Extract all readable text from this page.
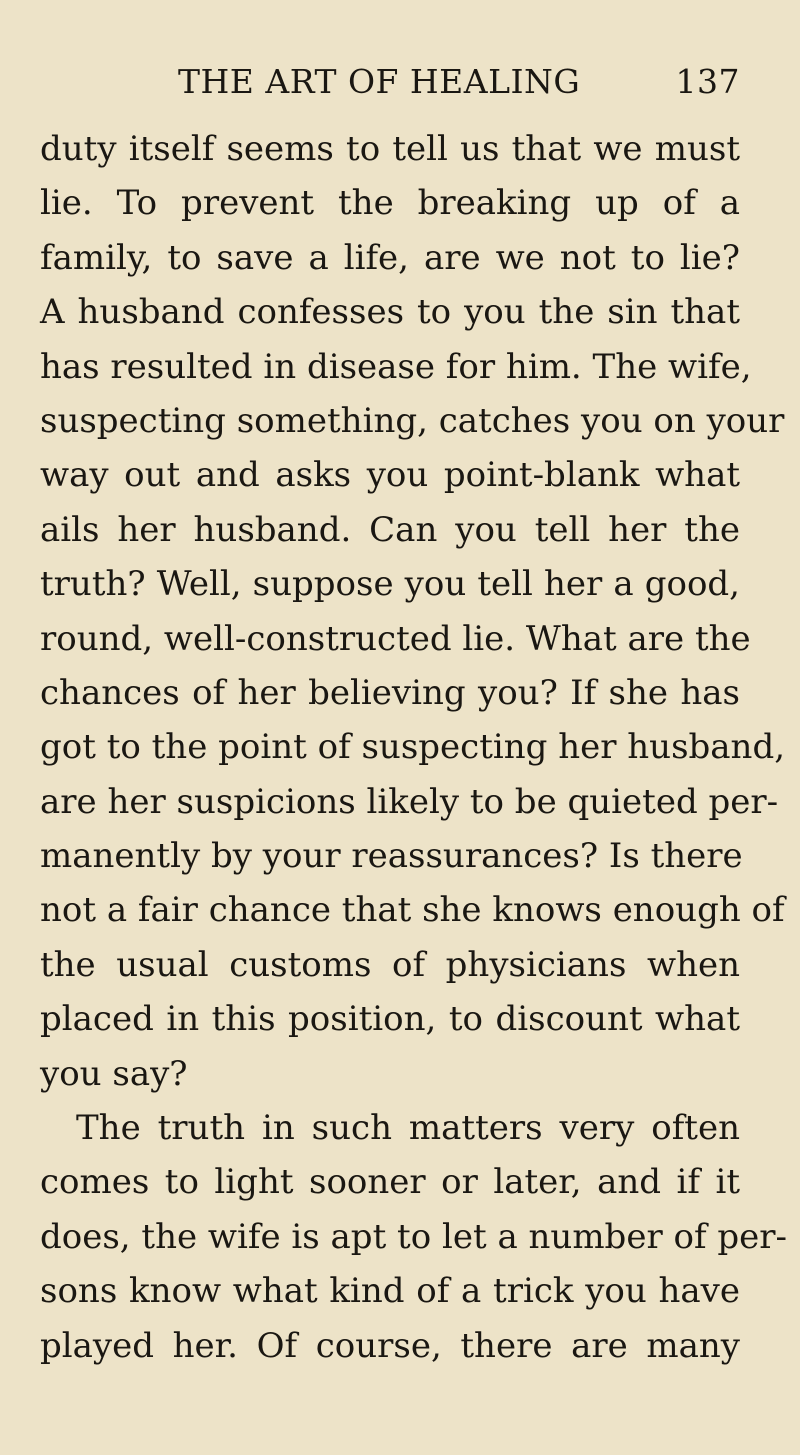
THE ART OF HEALING	137
duty itself seems to tell us that we must
lie. To prevent the breaking up of a
family, to save a life, are we not to lie?
A husband confesses to you the sin that
has resulted in disease for him. The wife,
suspecting something, catches you on your
way out and asks you point-blank what
ails her husband. Can you tell her the
truth? Well, suppose you tell her a good,
round, well-constructed lie. What are the
chances of her believing you? If she has
got to the point of suspecting her husband,
are her suspicions likely to be quieted per-
manently by your reassurances? Is there
not a fair chance that she knows enough of
the usual customs of physicians when
placed in this position, to discount what
you say?
The truth in such matters very often
comes to light sooner or later, and if it
does, the wife is apt to let a number of per-
sons know what kind of a trick you have
played her. Of course, there are many
